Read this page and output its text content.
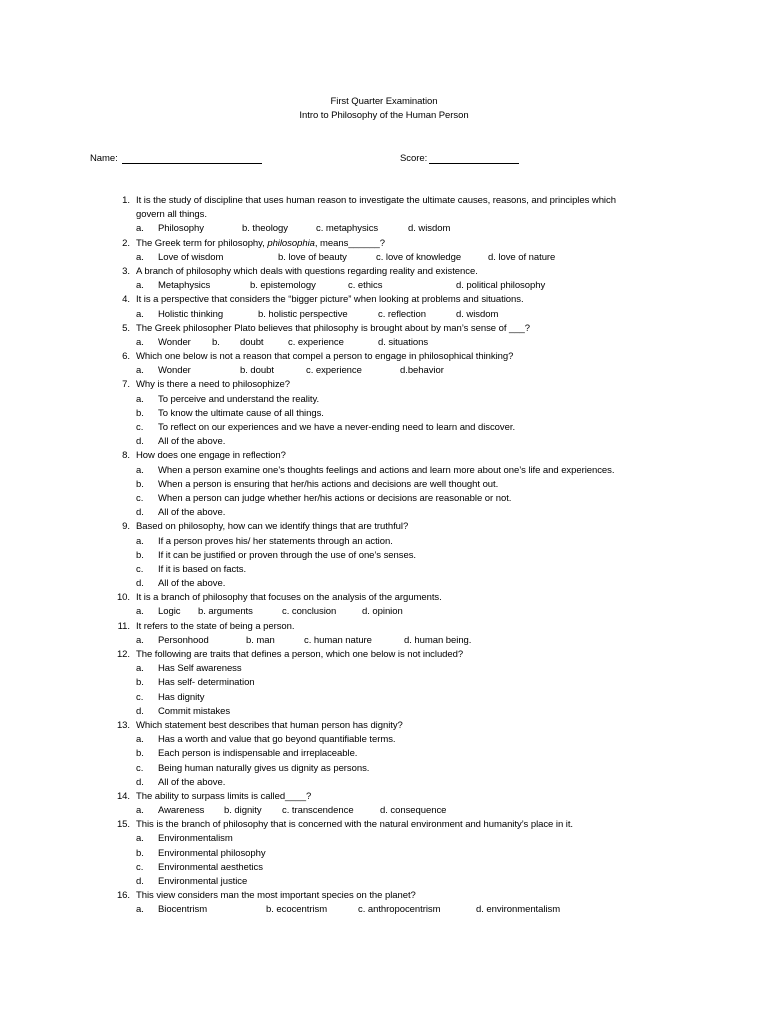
First Quarter Examination
Intro to Philosophy of the Human Person
Name:	Score:
1. It is the study of discipline that uses human reason to investigate the ultimate causes, reasons, and principles which
govern all things.
a. Philosophy	b. theology	c. metaphysics	d. wisdom
2. The Greek term for philosophy, philosophia, means______?
a. Love of wisdom	b. love of beauty	c. love of knowledge	d. love of nature
3. A branch of philosophy which deals with questions regarding reality and existence.
a. Metaphysics	b. epistemology	c. ethics	d. political philosophy
4. It is a perspective that considers the “bigger picture” when looking at problems and situations.
a. Holistic thinking	b. holistic perspective	c. reflection	d. wisdom
5. The Greek philosopher Plato believes that philosophy is brought about by man’s sense of ___?
a. Wonder b. doubt	c. experience	d. situations
6. Which one below is not a reason that compel a person to engage in philosophical thinking?
a. Wonder	b. doubt	c. experience	d.behavior
7. Why is there a need to philosophize?
a. To perceive and understand the reality.
b. To know the ultimate cause of all things.
c. To reflect on our experiences and we have a never-ending need to learn and discover.
d. All of the above.
8. How does one engage in reflection?
a. When a person examine one’s thoughts feelings and actions and learn more about one’s life and experiences.
b. When a person is ensuring that her/his actions and decisions are well thought out.
c. When a person can judge whether her/his actions or decisions are reasonable or not.
d. All of the above.
9. Based on philosophy, how can we identify things that are truthful?
a. If a person proves his/ her statements through an action.
b. If it can be justified or proven through the use of one’s senses.
c. If it is based on facts.
d. All of the above.
10. It is a branch of philosophy that focuses on the analysis of the arguments.
a. Logic b. arguments	c. conclusion	d. opinion
11. It refers to the state of being a person.
a. Personhood	b. man	c. human nature	d. human being.
12. The following are traits that defines a person, which one below is not included?
a. Has Self awareness
b. Has self- determination
c. Has dignity
d. Commit mistakes
13. Which statement best describes that human person has dignity?
a. Has a worth and value that go beyond quantifiable terms.
b. Each person is indispensable and irreplaceable.
c. Being human naturally gives us dignity as persons.
d. All of the above.
14. The ability to surpass limits is called____?
a. Awareness b. dignity c. transcendence	d. consequence
15. This is the branch of philosophy that is concerned with the natural environment and humanity’s place in it.
a. Environmentalism
b. Environmental philosophy
c. Environmental aesthetics
d. Environmental justice
16. This view considers man the most important species on the planet?
a. Biocentrism	b. ecocentrism	c. anthropocentrism	d. environmentalism
